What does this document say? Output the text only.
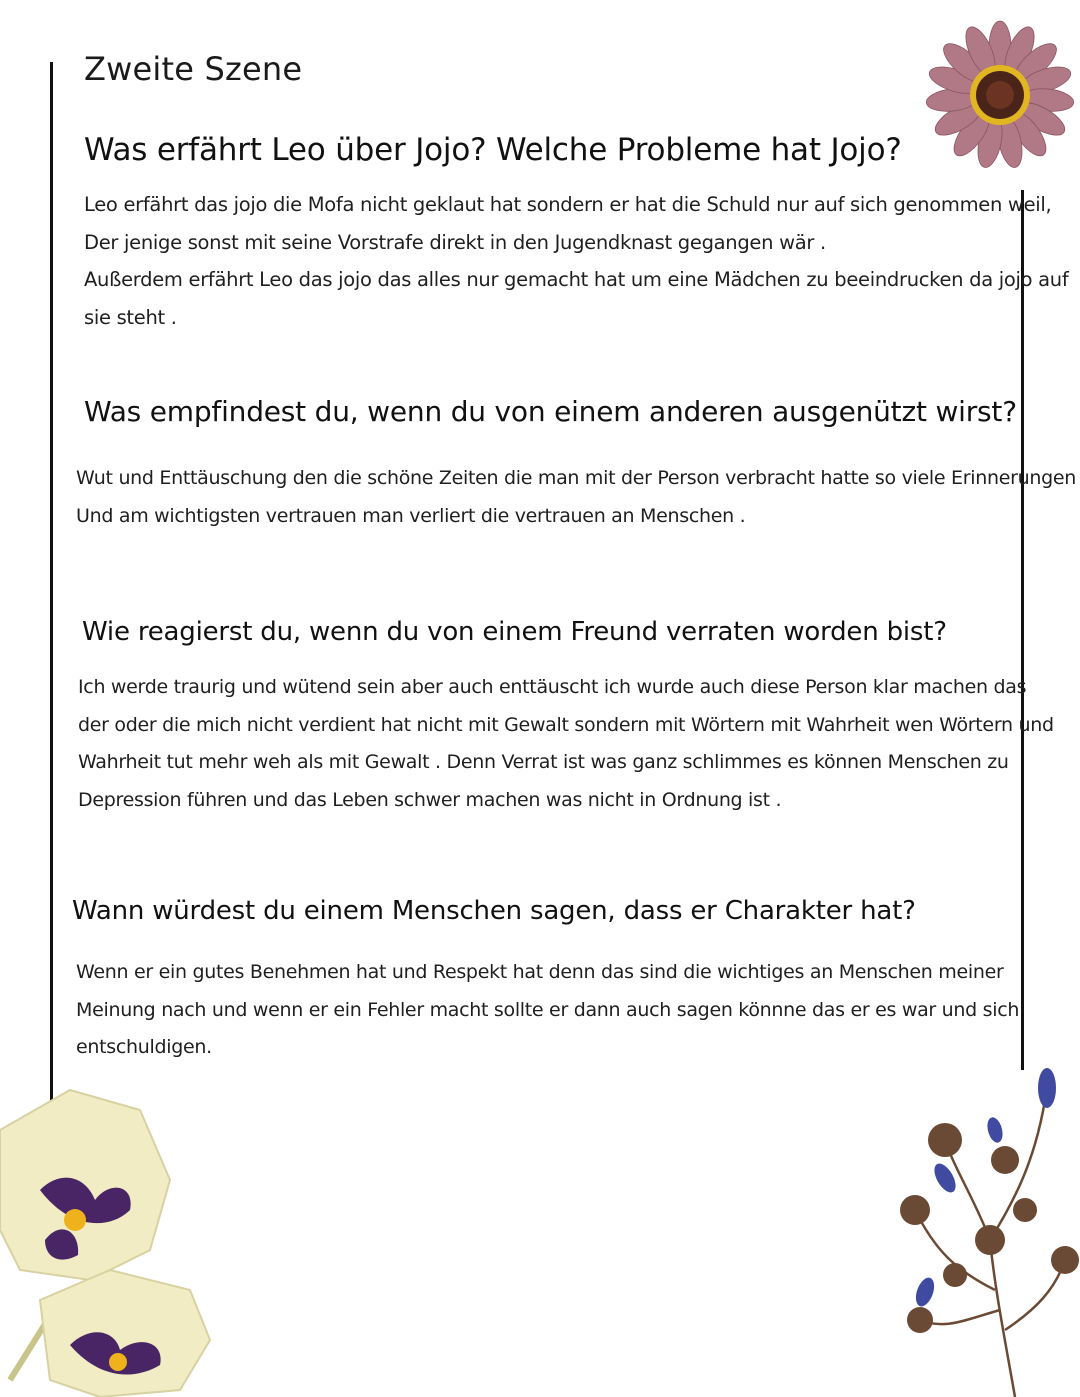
Zweite Szene
Was erfährt Leo über Jojo? Welche Probleme hat Jojo?
Leo erfährt das jojo die Mofa nicht geklaut hat sondern er hat die Schuld nur auf sich genommen weil,
Der jenige sonst mit seine Vorstrafe direkt in den Jugendknast gegangen wär .
Außerdem erfährt Leo das jojo das alles nur gemacht hat um eine Mädchen zu beeindrucken da jojo auf
sie steht .
Was empfindest du, wenn du von einem anderen ausgenützt wirst?
Wut und Enttäuschung den die schöne Zeiten die man mit der Person verbracht hatte so viele Erinnerungen
Und am wichtigsten vertrauen man verliert die vertrauen an Menschen .
Wie reagierst du, wenn du von einem Freund verraten worden bist?
Ich werde traurig und wütend sein aber auch enttäuscht ich wurde auch diese Person klar machen das
der oder die mich nicht verdient hat nicht mit Gewalt sondern mit Wörtern mit Wahrheit wen Wörtern und
Wahrheit tut mehr weh als mit Gewalt . Denn Verrat ist was ganz schlimmes es können Menschen zu
Depression führen und das Leben schwer machen was nicht in Ordnung ist .
Wann würdest du einem Menschen sagen, dass er Charakter hat?
Wenn er ein gutes Benehmen hat und Respekt hat denn das sind die wichtiges an Menschen meiner
Meinung nach und wenn er ein Fehler macht sollte er dann auch sagen könnne das er es war und sich
entschuldigen.
